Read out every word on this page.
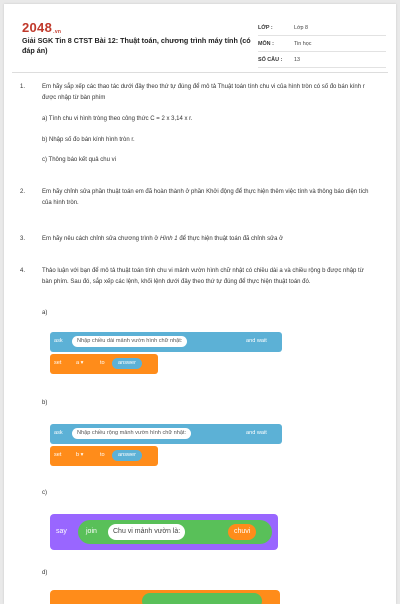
2048.vn
Giải SGK Tin 8 CTST Bài 12: Thuật toán, chương trình máy tính (có đáp án)
LỚP :	Lớp 8
MÔN :	Tin học
SỐ CÂU : 13
1.	Em hãy sắp xếp các thao tác dưới đây theo thứ tự đúng để mô tả Thuật toán tính chu vi của hình tròn có số đo bán kính r được nhập từ bàn phím
a) Tính chu vi hình tròng theo công thức C = 2 x 3,14 x r.
b) Nhập số đo bán kính hình tròn r.
c) Thông báo kết quả chu vi
2.	Em hãy chỉnh sửa phần thuật toán em đã hoàn thành ở phần Khởi động để thực hiện thêm việc tính và thông báo diện tích của hình tròn.
3.	Em hãy nêu cách chỉnh sửa chương trình ở Hình 1 để thực hiện thuật toán đã chỉnh sửa ở
4.	Thảo luận với bạn để mô tả thuật toán tính chu vi mảnh vườn hình chữ nhật có chiều dài a và chiều rộng b được nhập từ bàn phím. Sau đó, sắp xếp các lệnh, khối lệnh dưới đây theo thứ tự đúng để thực hiện thuật toán đó.
a)
ask	Nhập chiều dài mảnh vườn hình chữ nhật:	and wait
set	a ▾	to	answer
b)
ask	Nhập chiều rộng mảnh vườn hình chữ nhật:	and wait
set	b ▾	to	answer
c)
say	join	Chu vi mảnh vườn là:	chuvi
d)
